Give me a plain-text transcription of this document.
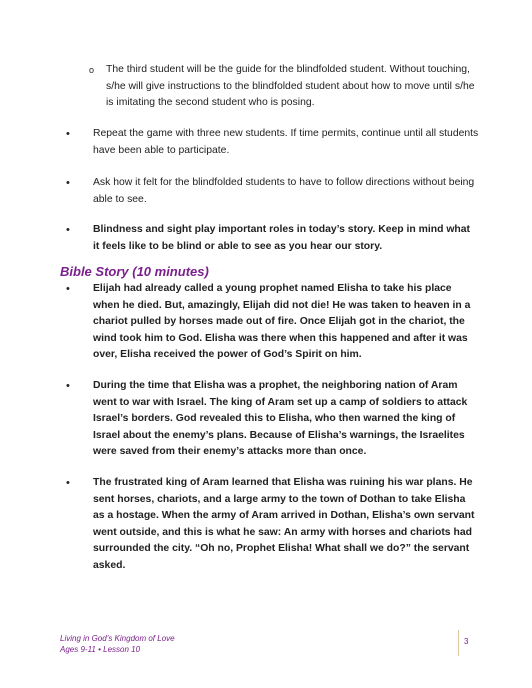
o The third student will be the guide for the blindfolded student. Without touching, s/he will give instructions to the blindfolded student about how to move until s/he is imitating the second student who is posing.
• Repeat the game with three new students. If time permits, continue until all students have been able to participate.
• Ask how it felt for the blindfolded students to have to follow directions without being able to see.
• Blindness and sight play important roles in today’s story. Keep in mind what it feels like to be blind or able to see as you hear our story.
Bible Story (10 minutes)
• Elijah had already called a young prophet named Elisha to take his place when he died. But, amazingly, Elijah did not die! He was taken to heaven in a chariot pulled by horses made out of fire. Once Elijah got in the chariot, the wind took him to God. Elisha was there when this happened and after it was over, Elisha received the power of God’s Spirit on him.
• During the time that Elisha was a prophet, the neighboring nation of Aram went to war with Israel. The king of Aram set up a camp of soldiers to attack Israel’s borders. God revealed this to Elisha, who then warned the king of Israel about the enemy’s plans. Because of Elisha’s warnings, the Israelites were saved from their enemy’s attacks more than once.
• The frustrated king of Aram learned that Elisha was ruining his war plans. He sent horses, chariots, and a large army to the town of Dothan to take Elisha as a hostage. When the army of Aram arrived in Dothan, Elisha’s own servant went outside, and this is what he saw: An army with horses and chariots had surrounded the city. “Oh no, Prophet Elisha! What shall we do?” the servant asked.
Living in God’s Kingdom of Love
Ages 9-11 • Lesson 10
3
